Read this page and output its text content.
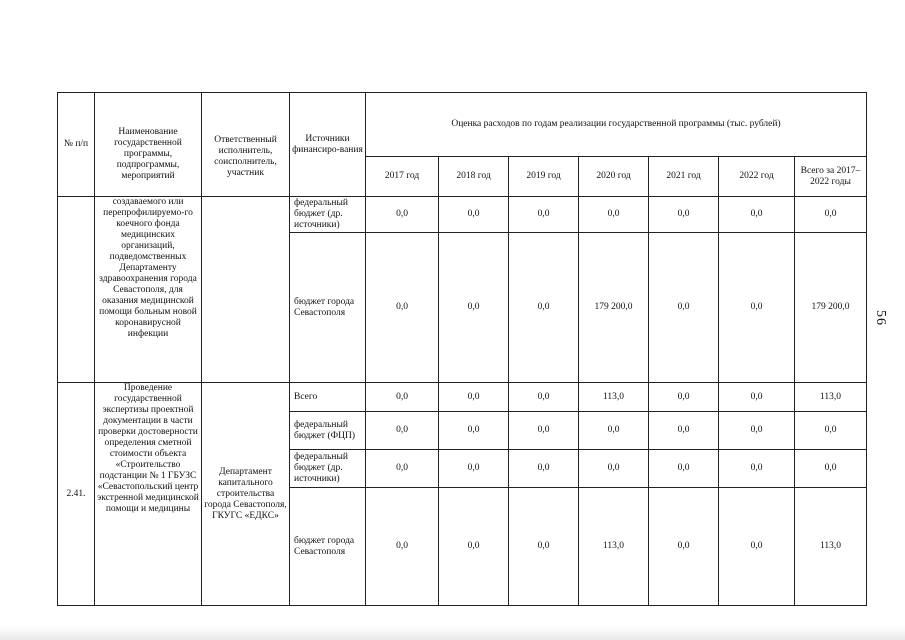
№ п/п	Наименование государственной программы, подпрограммы, мероприятий	Ответственный исполнитель, соисполнитель, участник	Источники финансиро-вания	Оценка расходов по годам реализации государственной программы (тыс. рублей)						
				2017 год	2018 год	2019 год	2020 год	2021 год	2022 год	Всего за 2017–2022 годы
	создаваемого или перепрофилируемо-го коечного фонда медицинских организаций, подведомственных Департаменту здравоохранения города Севастополя, для оказания медицинской помощи больным новой коронавирусной инфекции		федеральный бюджет (др. источники)	0,0	0,0	0,0	0,0	0,0	0,0	0,0
			бюджет города Севастополя	0,0	0,0	0,0	179 200,0	0,0	0,0	179 200,0
2.41.	Проведение государственной экспертизы проектной документации в части проверки достоверности определения сметной стоимости объекта «Строительство подстанции № 1 ГБУЗС «Севастопольский центр экстренной медицинской помощи и медицины	Департамент капитального строительства города Севастополя, ГКУГС «ЕДКС»	Всего	0,0	0,0	0,0	113,0	0,0	0,0	113,0
			федеральный бюджет (ФЦП)	0,0	0,0	0,0	0,0	0,0	0,0	0,0
			федеральный бюджет (др. источники)	0,0	0,0	0,0	0,0	0,0	0,0	0,0
			бюджет города Севастополя	0,0	0,0	0,0	113,0	0,0	0,0	113,0
56
